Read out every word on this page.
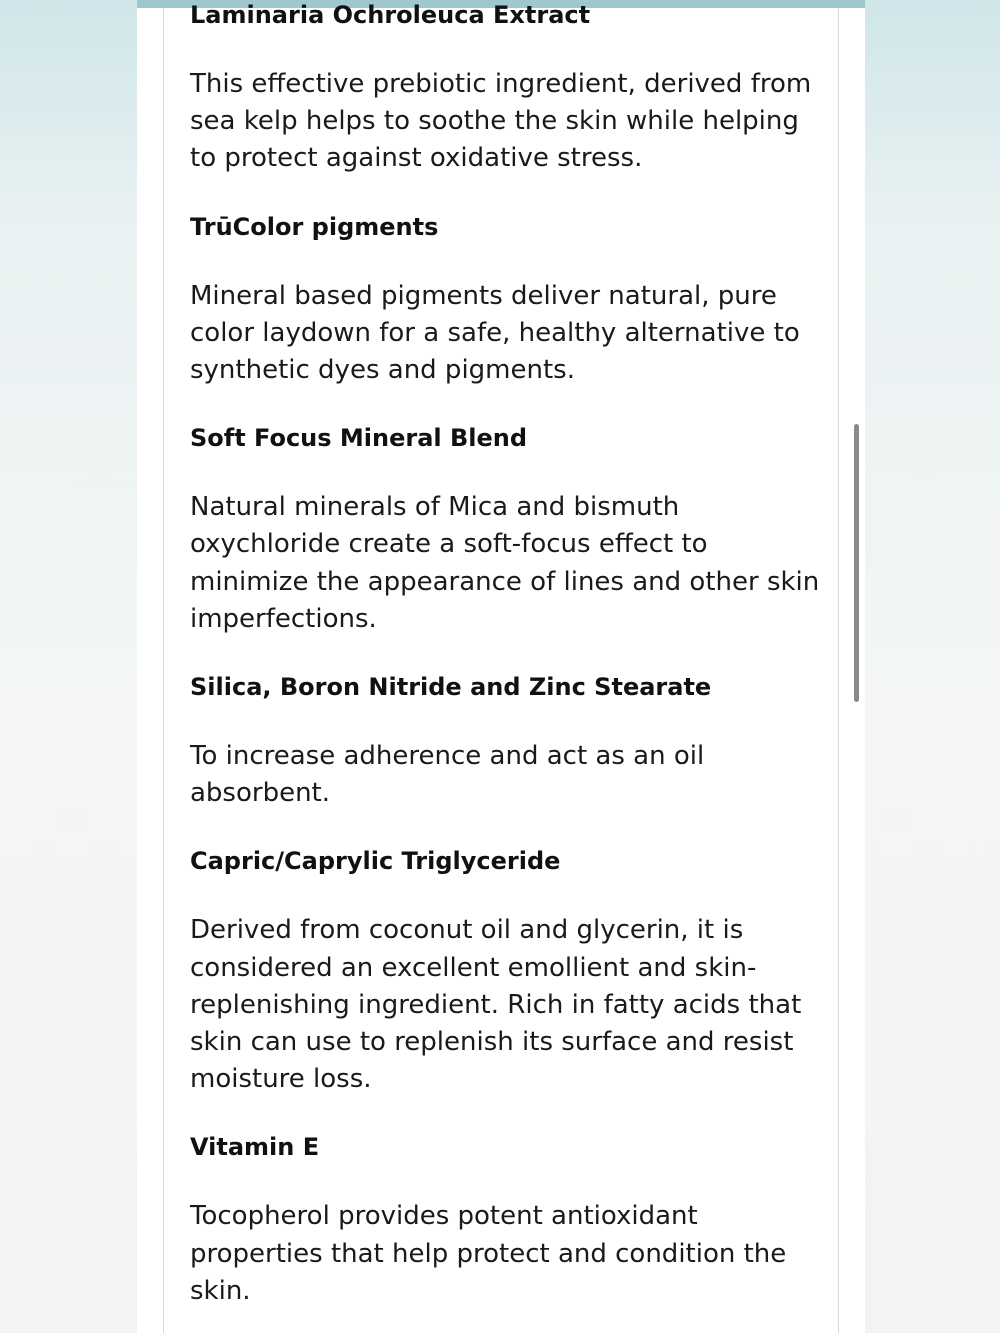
Laminaria Ochroleuca Extract

This effective prebiotic ingredient, derived from sea kelp helps to soothe the skin while helping to protect against oxidative stress.

TrūColor pigments

Mineral based pigments deliver natural, pure color laydown for a safe, healthy alternative to synthetic dyes and pigments.

Soft Focus Mineral Blend

Natural minerals of Mica and bismuth oxychloride create a soft-focus effect to minimize the appearance of lines and other skin imperfections.

Silica, Boron Nitride and Zinc Stearate

To increase adherence and act as an oil absorbent.

Capric/Caprylic Triglyceride

Derived from coconut oil and glycerin, it is considered an excellent emollient and skin-replenishing ingredient. Rich in fatty acids that skin can use to replenish its surface and resist moisture loss.

Vitamin E

Tocopherol provides potent antioxidant properties that help protect and condition the skin.
